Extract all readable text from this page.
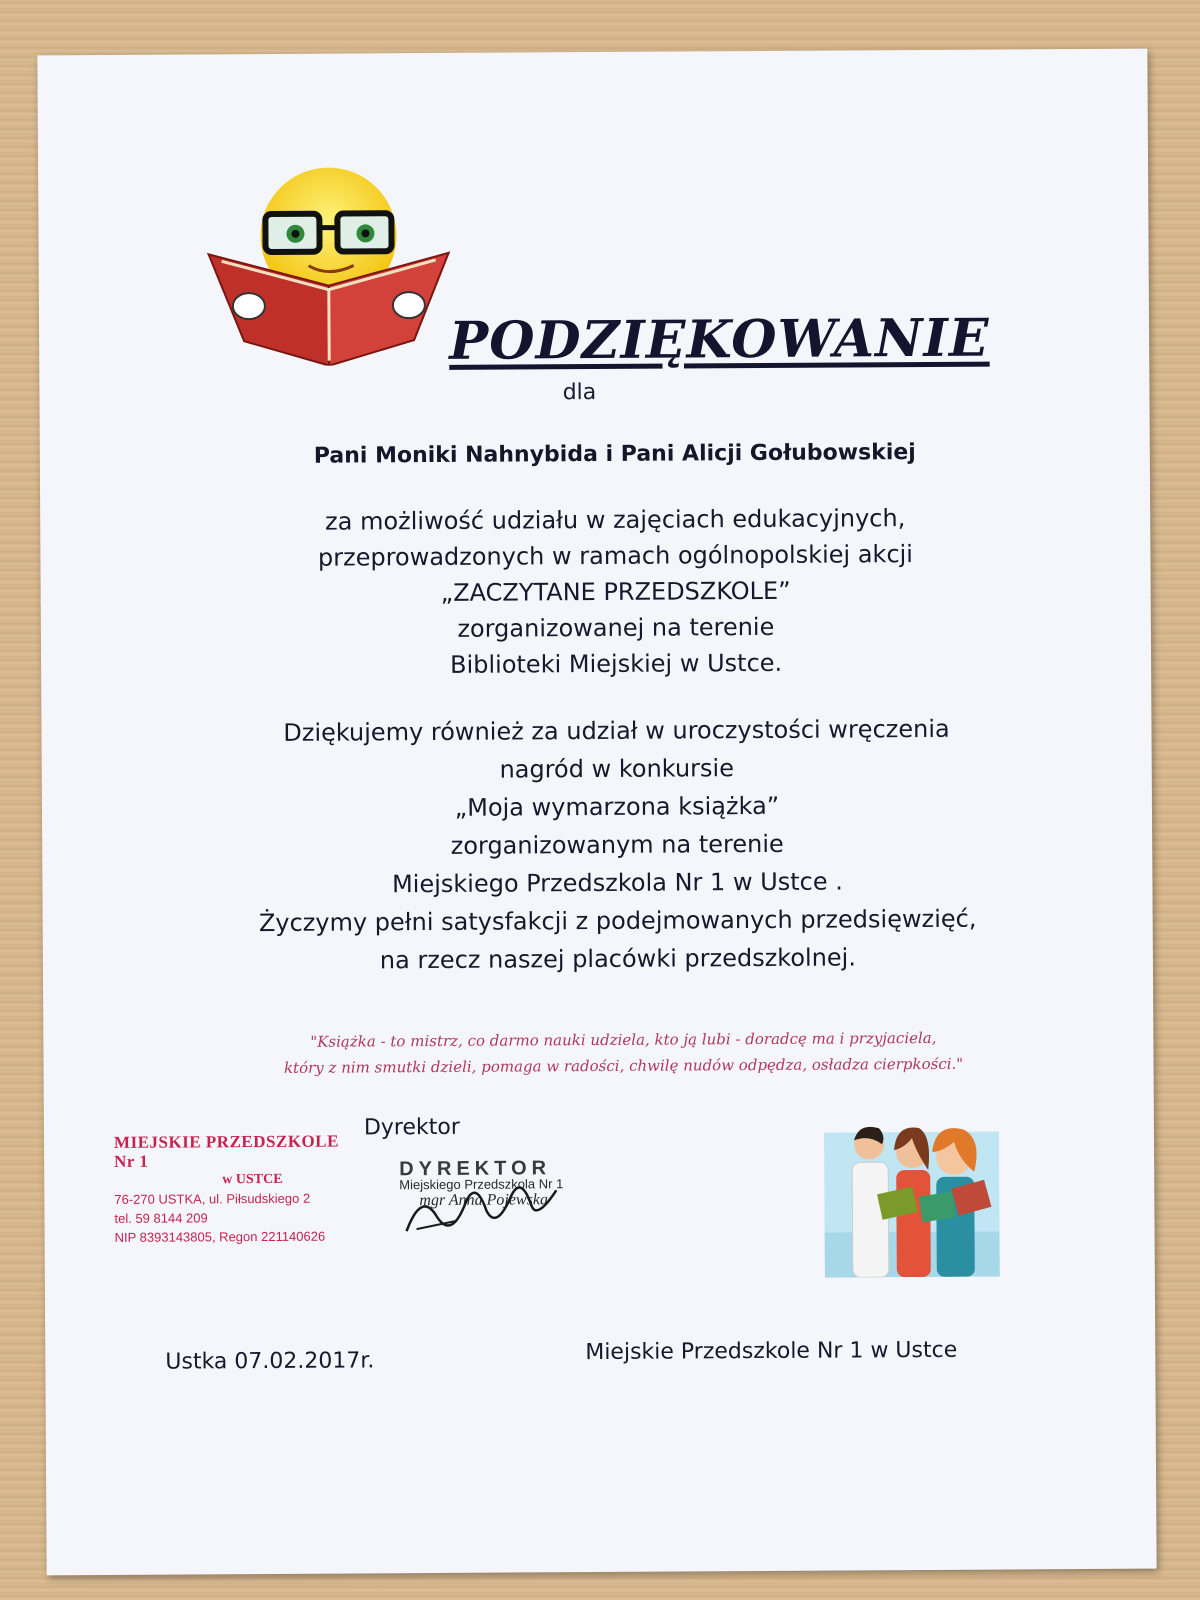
PODZIĘKOWANIE
dla
Pani Moniki Nahnybida i Pani Alicji Gołubowskiej
za możliwość udziału w zajęciach edukacyjnych,
przeprowadzonych w ramach ogólnopolskiej akcji
„ZACZYTANE PRZEDSZKOLE”
zorganizowanej na terenie
Biblioteki Miejskiej w Ustce.
Dziękujemy również za udział w uroczystości wręczenia
nagród w konkursie
„Moja wymarzona książka”
zorganizowanym na terenie
Miejskiego Przedszkola Nr 1 w Ustce .
Życzymy pełni satysfakcji z podejmowanych przedsięwzięć,
na rzecz naszej placówki przedszkolnej.
"Książka - to mistrz, co darmo nauki udziela, kto ją lubi - doradcę ma i przyjaciela,
który z nim smutki dzieli, pomaga w radości, chwilę nudów odpędza, osładza cierpkości."
MIEJSKIE PRZEDSZKOLE Nr 1
w USTCE
76-270 USTKA, ul. Piłsudskiego 2
tel. 59 8144 209
NIP 8393143805, Regon 221140626
Dyrektor
DYREKTOR
Miejskiego Przedszkola Nr 1
mgr Anna Pojewska
Ustka 07.02.2017r.	Miejskie Przedszkole Nr 1 w Ustce
